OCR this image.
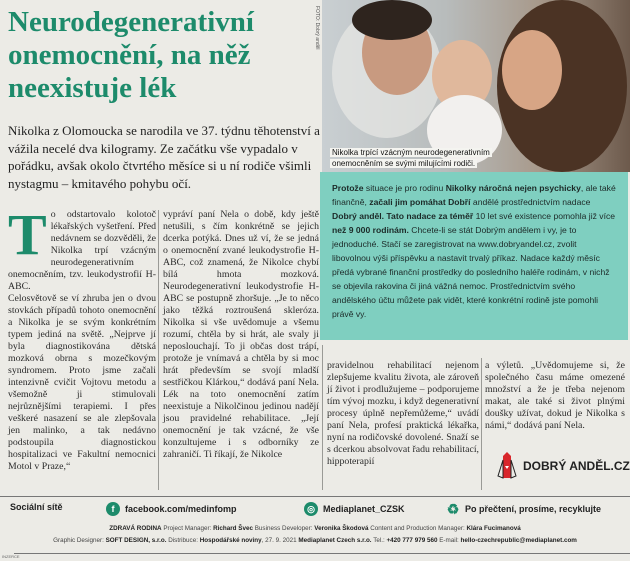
Neurodegenerativní onemocnění, na něž neexistuje lék
FOTO: Dobrý anděl
Nikolka trpící vzácným neurodegenerativním
onemocněním se svými milujícími rodiči.

Nikolka z Olomoucka se narodila ve 37. týdnu těhotenství a vážila necelé dva kilogramy. Ze začátku vše vypadalo v pořádku, avšak okolo čtvrtého měsíce si u ní rodiče všimli nystagmu – kmitavého pohybu očí.	Protože situace je pro rodinu Nikolky náročná nejen psychicky, ale také finančně, začali jim pomáhat Dobří andělé prostřednictvím nadace Dobrý anděl. Tato nadace za téměř 10 let své existence pomohla již více než 9 000 rodinám. Chcete-li se stát Dobrým andělem i vy, je to jednoduché. Stačí se zaregistrovat na www.dobryandel.cz, zvolit libovolnou výši příspěvku a nastavit trvalý příkaz. Nadace každý měsíc předá vybrané finanční prostředky do posledního haléře rodinám, v nichž se objevila rakovina či jiná vážná nemoc. Prostřednictvím svého andělského účtu můžete pak vidět, které konkrétní rodině jste pomohli právě vy.
T o odstartovalo kolotoč lékařských vyšetření. Před nedávnem se dozvěděli, že Nikolka trpí vzácným neurodegenerativním onemocněním, tzv. leukodystrofií H-ABC.

Celosvětově se ví zhruba jen o dvou stovkách případů tohoto onemocnění a Nikolka je se svým konkrétním typem jediná na světě. „Nejprve jí byla diagnostikována dětská mozková obrna s mozečkovým syndromem. Proto jsme začali intenzivně cvičit Vojtovu metodu a všemožně ji stimulovali nejrůznějšími terapiemi. I přes veškeré nasazení se ale zlepšovala jen malinko, a tak nedávno podstoupila diagnostickou hospitalizaci ve Fakultní nemocnici Motol v Praze,“

vypráví paní Nela o době, kdy ještě netušili, s čím konkrétně se jejich dcerka potýká. Dnes už ví, že se jedná o onemocnění zvané leukodystrofie H-ABC, což znamená, že Nikolce chybí bílá hmota mozková. Neurodegenerativní leukodystrofie H-ABC se postupně zhoršuje. „Je to něco jako těžká roztroušená skleróza. Nikolka si vše uvědomuje a všemu rozumí, chtěla by si hrát, ale svaly ji neposlouchají. To ji občas dost trápí, protože je vnímavá a chtěla by si moc hrát především se svojí mladší sestřičkou Klárkou,“ dodává paní Nela. Lék na toto onemocnění zatím neexistuje a Nikolčinou jedinou nadějí jsou pravidelné rehabilitace. „Její onemocnění je tak vzácné, že vše konzultujeme i s odborníky ze zahraničí. Ti říkají, že Nikolce

pravidelnou rehabilitací nejenom zlepšujeme kvalitu života, ale zároveň jí život i prodlužujeme – podporujeme tím vývoj mozku, i když degenerativní procesy úplně nepřemůžeme,“ uvádí paní Nela, profesí praktická lékařka, nyní na rodičovské dovolené. Snaží se s dcerkou absolvovat řadu rehabilitací, hippoterapií

a výletů. „Uvědomujeme si, že společného času máme omezené množství a že je třeba nejenom makat, ale také si život plnými doušky užívat, dokud je Nikolka s námi,“ dodává paní Nela.

DOBRÝ ANDĚL.CZ
Sociální sítě	f	facebook.com/medinfomp	◎ Mediaplanet_CZSK	♻ Po přečtení, prosíme, recyklujte
ZDRAVÁ RODINA Project Manager: Richard Švec Business Developer: Veronika Škodová Content and Production Manager: Klára Fucimanová
Graphic Designer: SOFT DESIGN, s.r.o. Distribuce: Hospodářské noviny, 27. 9. 2021 Mediaplanet Czech s.r.o. Tel.: +420 777 979 560 E-mail: hello-czechrepublic@mediaplanet.com
INZERCE
